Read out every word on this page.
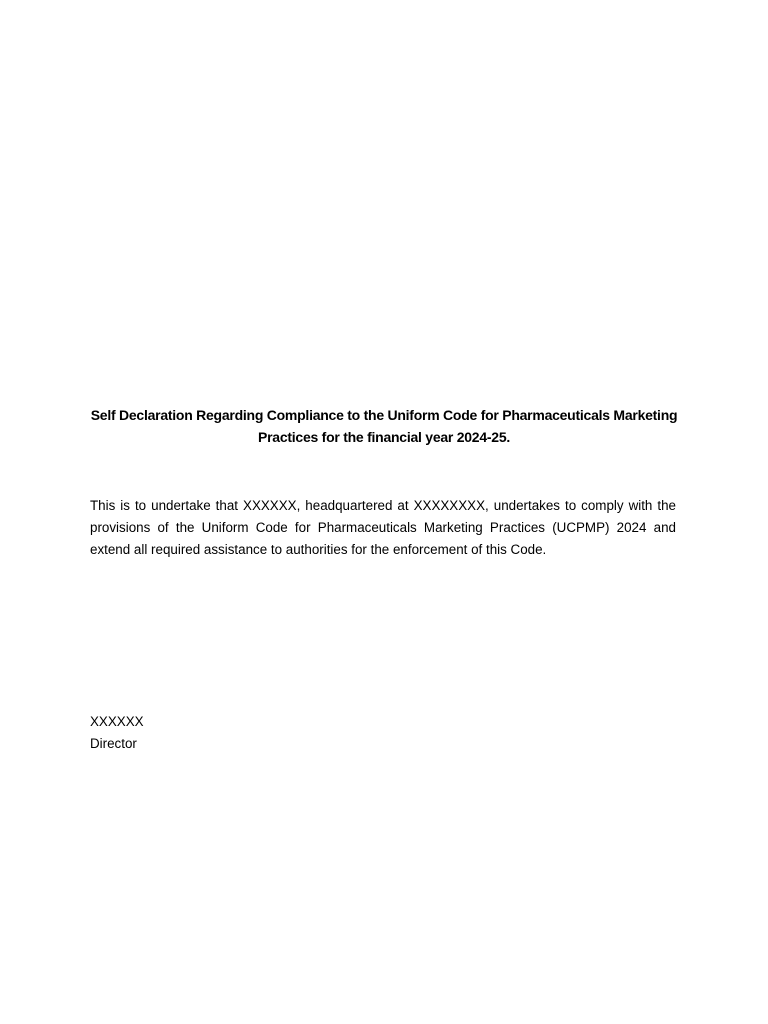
Self Declaration Regarding Compliance to the Uniform Code for Pharmaceuticals Marketing
Practices for the financial year 2024-25.

This is to undertake that XXXXXX, headquartered at XXXXXXXX, undertakes to comply with the provisions of the Uniform Code for Pharmaceuticals Marketing Practices (UCPMP) 2024 and extend all required assistance to authorities for the enforcement of this Code.

XXXXXX
Director
